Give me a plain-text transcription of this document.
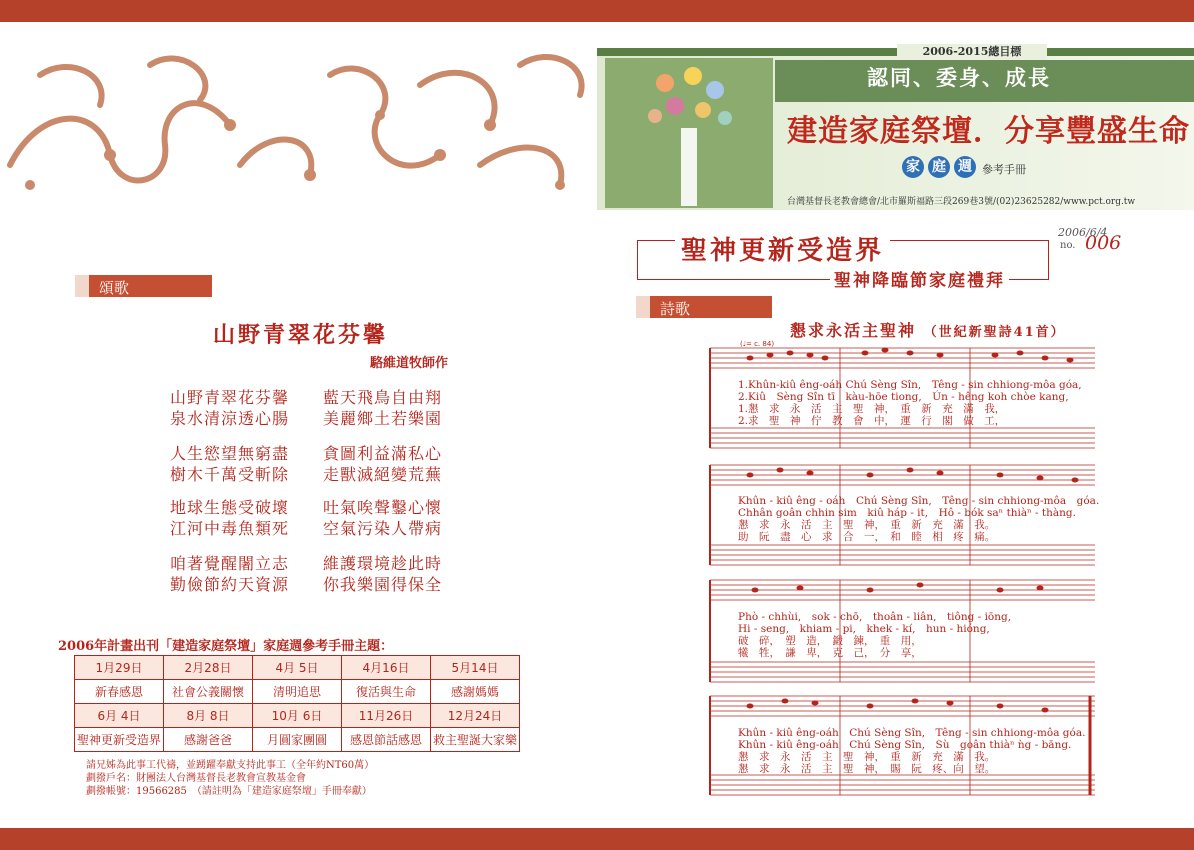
2006-2015總目標
認同、委身、成長
建造家庭祭壇．分享豐盛生命
家 庭 週 參考手冊
台灣基督長老教會總會/北市羅斯福路三段269巷3號/(02)23625282/www.pct.org.tw
聖神更新受造界
聖神降臨節家庭禮拜
2006/6/4
no. 006
頌歌
山野青翠花芬馨
駱維道牧師作
山野青翠花芬馨　　藍天飛鳥自由翔
泉水清涼透心腸　　美麗鄉土若樂園
人生慾望無窮盡　　貪圖利益滿私心
樹木千萬受斬除　　走獸滅絕變荒蕪
地球生態受破壞　　吐氣唉聲鑿心懷
江河中毒魚類死　　空氣污染人帶病
咱著覺醒闍立志　　維護環境趁此時
勤儉節約天資源　　你我樂園得保全
2006年計畫出刊「建造家庭祭壇」家庭週參考手冊主題：
1月29日	2月28日	4月 5日	4月16日	5月14日
新春感恩	社會公義關懷	清明追思	復活與生命	感謝媽媽
6月 4日	8月 8日	10月 6日	11月26日	12月24日
聖神更新受造界	感謝爸爸	月圓家團圓	感恩節話感恩	救主聖誕大家樂
請兄姊為此事工代禱，並踴躍奉獻支持此事工（全年約NT60萬）
劃撥戶名：財團法人台灣基督長老教會宣教基金會
劃撥帳號：19566285　（請註明為「建造家庭祭壇」手冊奉獻）
詩歌
懇求永活主聖神 （世紀新聖詩41首）
(♩= c. 84)
1.Khûn-kiû êng-oáh Chú Sèng Sîn,　Têng - sin chhiong-môa góa,
2.Kiû　Sèng Sîn tī　kàu-hōe tiong,　Ún - hêng koh chòe kang,
1.懇　求　永　活　主　聖　神，　重　新　充　滿　我，
2.求　聖　神　佇　教　會　中，　運　行　閣　做　工，
Khûn - kiû êng - oáh　Chú Sèng Sîn,　Têng - sin chhiong-môa　góa.
Chhân goân chhin sim　kiû háp - it,　Hô - bók saⁿ thiàⁿ - thàng.
懇　求　永　活　主　聖　神，　重　新　充　滿　我。
助　阮　盡　心　求　合　一，　和　睦　相　疼　痛。
Phò - chhùi,　sok - chō,　thoân - liân,　tiông - iōng,
Hi - seng,　khiam - pi,　khek - kí,　hun - hióng,
破　碎，　塑　造，　鍛　鍊，　重　用，
犧　牲，　謙　卑，　克　己，　分　享，
Khûn - kiû êng-oáh　Chú Sèng Sîn,　Têng - sin chhiong-môa góa.
Khûn - kiû êng-oáh　Chú Sèng Sîn,　Sù　goân thiàⁿ ǹg - bāng.
懇　求　永　活　主　聖　神，　重　新　充　滿　我。
懇　求　永　活　主　聖　神，　賜　阮　疼、向　望。
